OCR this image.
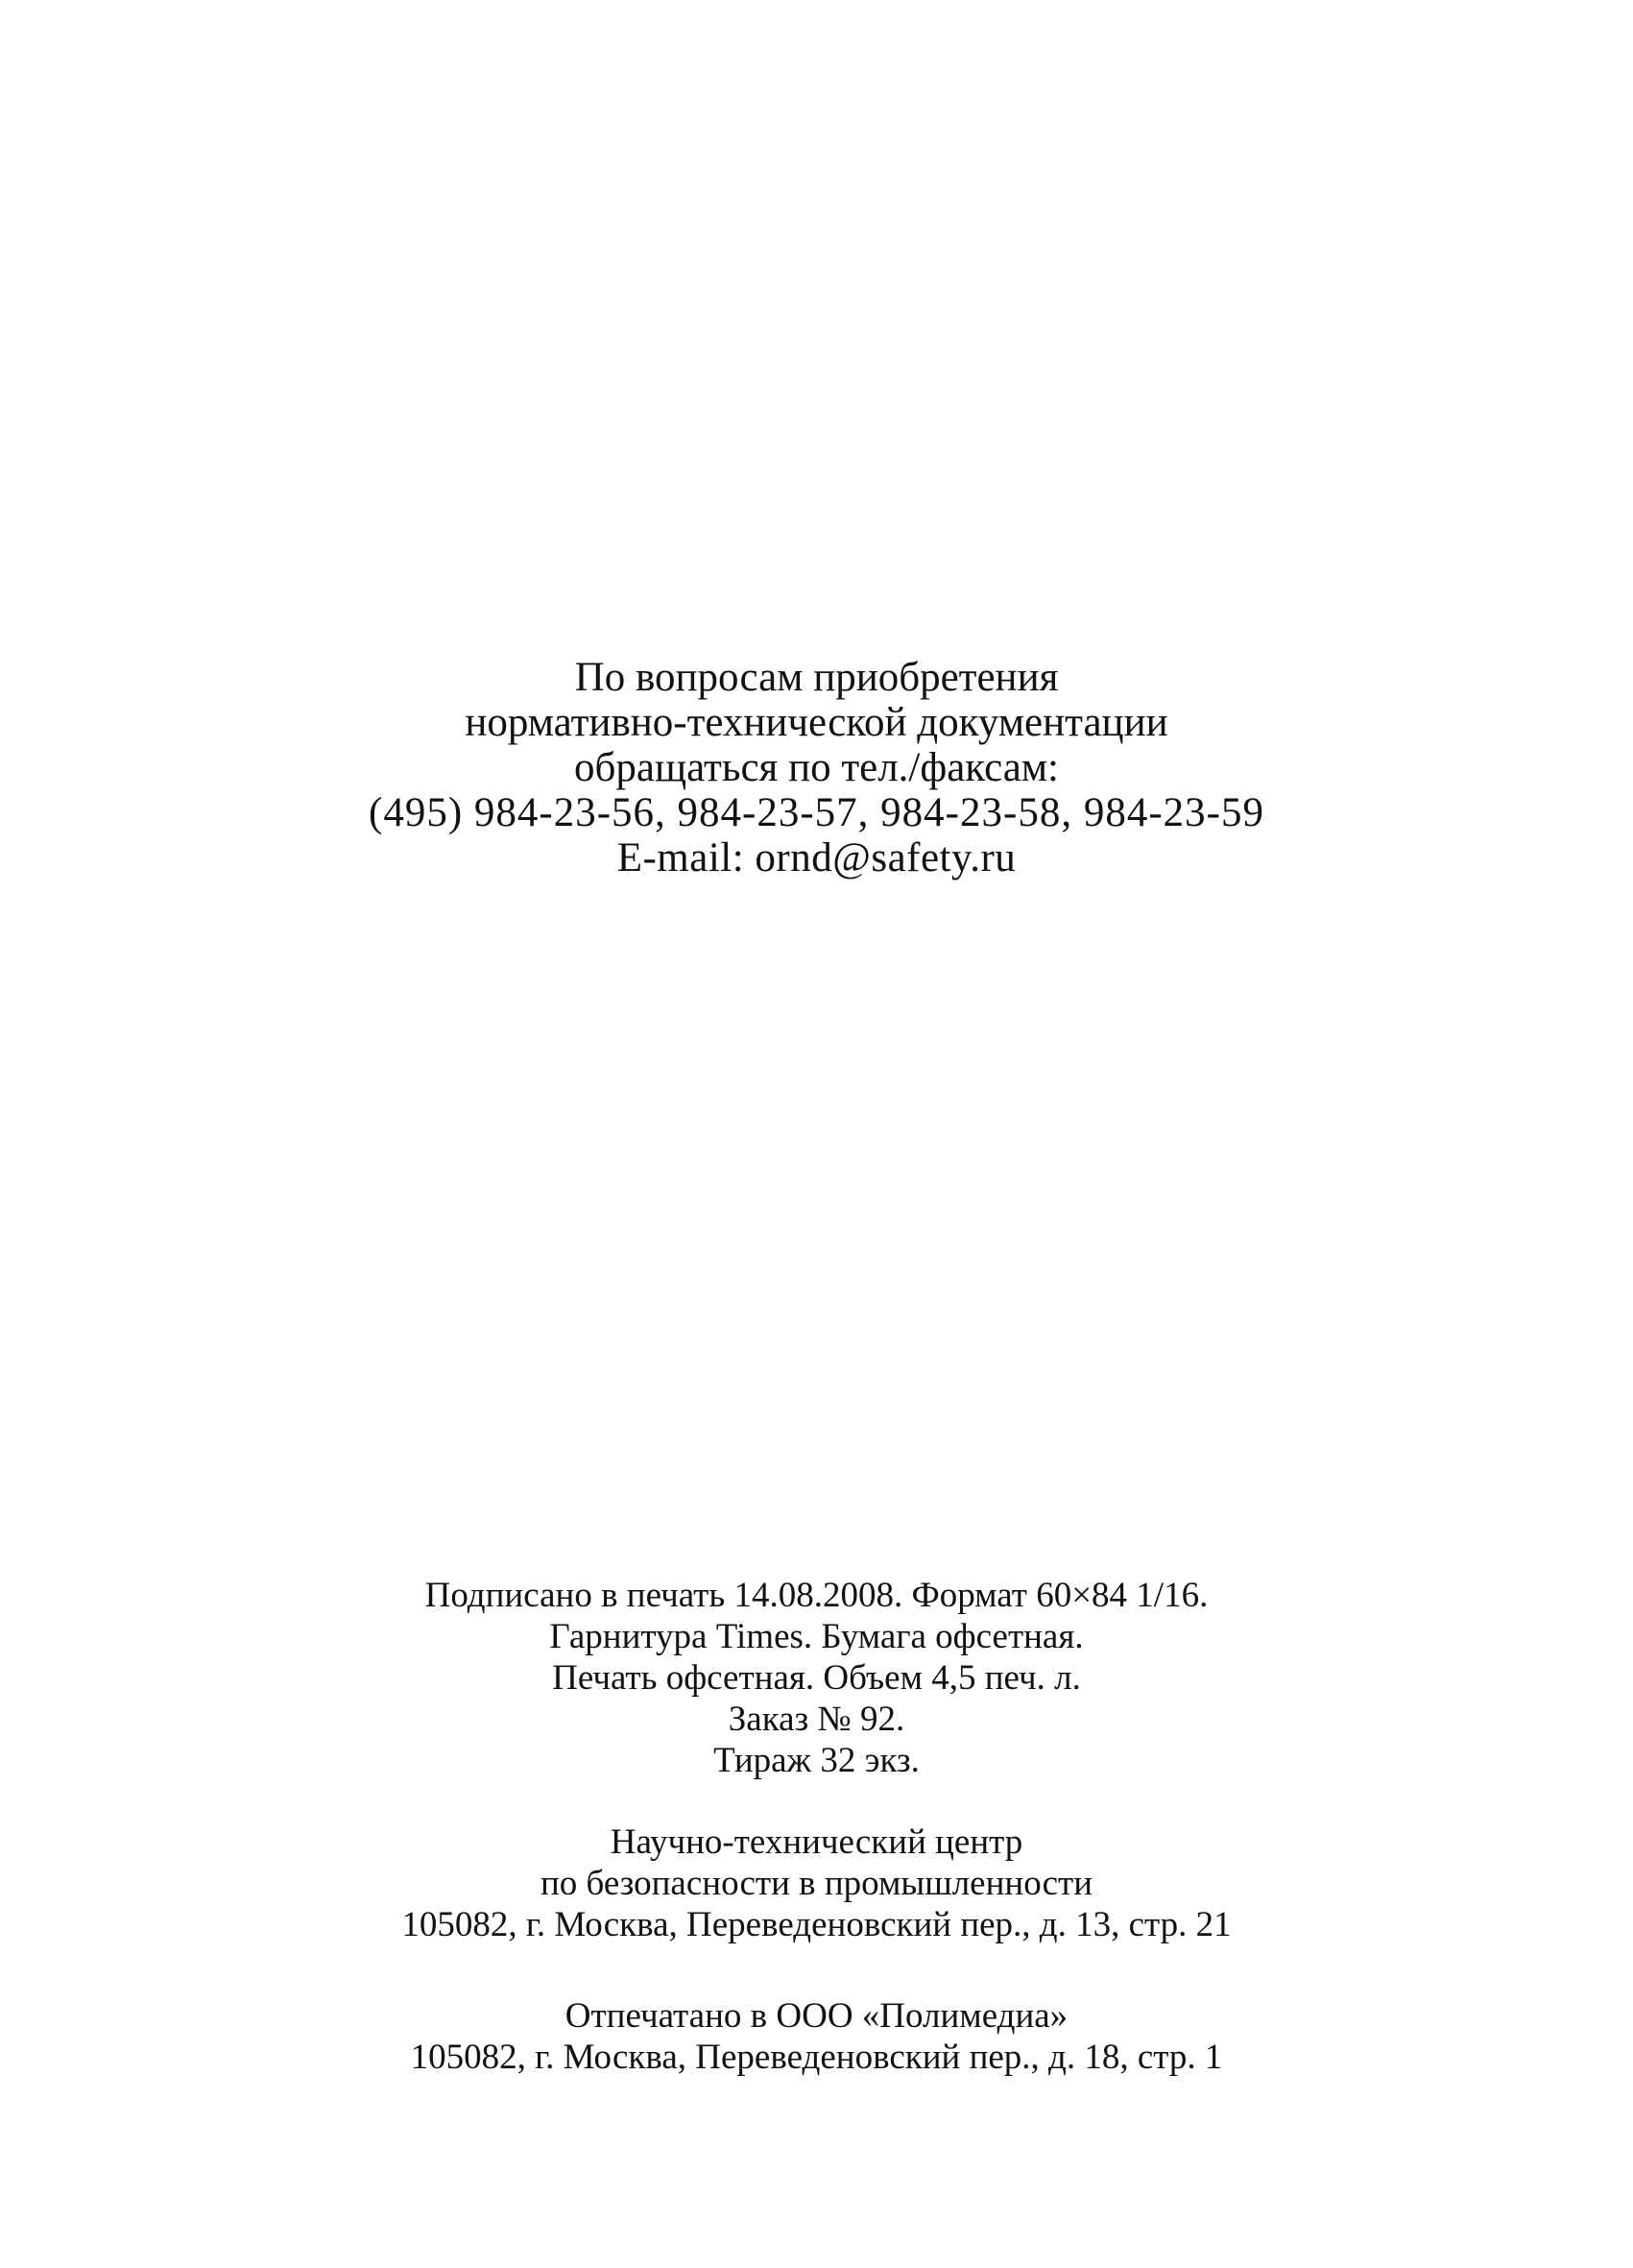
По вопросам приобретения
нормативно-технической документации
обращаться по тел./факсам:
(495) 984-23-56, 984-23-57, 984-23-58, 984-23-59
E-mail: ornd@safety.ru
Подписано в печать 14.08.2008. Формат 60×84 1/16.
Гарнитура Times. Бумага офсетная.
Печать офсетная. Объем 4,5 печ. л.
Заказ № 92.
Тираж 32 экз.
Научно-технический центр
по безопасности в промышленности
105082, г. Москва, Переведеновский пер., д. 13, стр. 21
Отпечатано в ООО «Полимедиа»
105082, г. Москва, Переведеновский пер., д. 18, стр. 1
